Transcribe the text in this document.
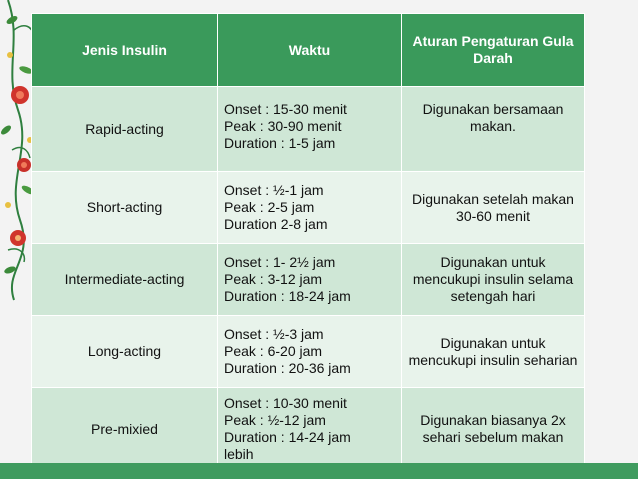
Jenis Insulin	Waktu	Aturan Pengaturan Gula Darah
Rapid-acting	Onset : 15-30 menit
Peak : 30-90 menit
Duration : 1-5 jam	Digunakan bersamaan makan.
Short-acting	Onset : ½-1 jam
Peak : 2-5 jam
Duration 2-8 jam	Digunakan setelah makan 30-60 menit
Intermediate-acting	Onset : 1- 2½ jam
Peak : 3-12 jam
Duration : 18-24 jam	Digunakan untuk mencukupi insulin selama setengah hari
Long-acting	Onset : ½-3 jam
Peak : 6-20 jam
Duration : 20-36 jam	Digunakan untuk mencukupi insulin seharian
Pre-mixied	Onset : 10-30 menit
Peak : ½-12 jam
Duration : 14-24 jam
lebih	Digunakan biasanya 2x sehari sebelum makan
